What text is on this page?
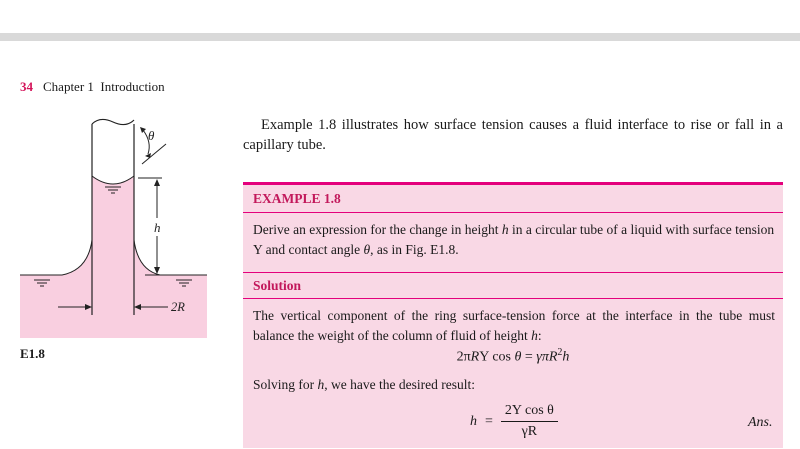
34 Chapter 1  Introduction
θ
h
2R
E1.8
Example 1.8 illustrates how surface tension causes a fluid interface to rise or fall in a capillary tube.
EXAMPLE 1.8
Derive an expression for the change in height h in a circular tube of a liquid with surface tension Y and contact angle θ, as in Fig. E1.8.
Solution
The vertical component of the ring surface-tension force at the interface in the tube must balance the weight of the column of fluid of height h:
2πRY cos θ = γπR$^2$h
Solving for h, we have the desired result:
$h = \frac{\text{2Y cos θ}}{\gamma R}$	Ans.
